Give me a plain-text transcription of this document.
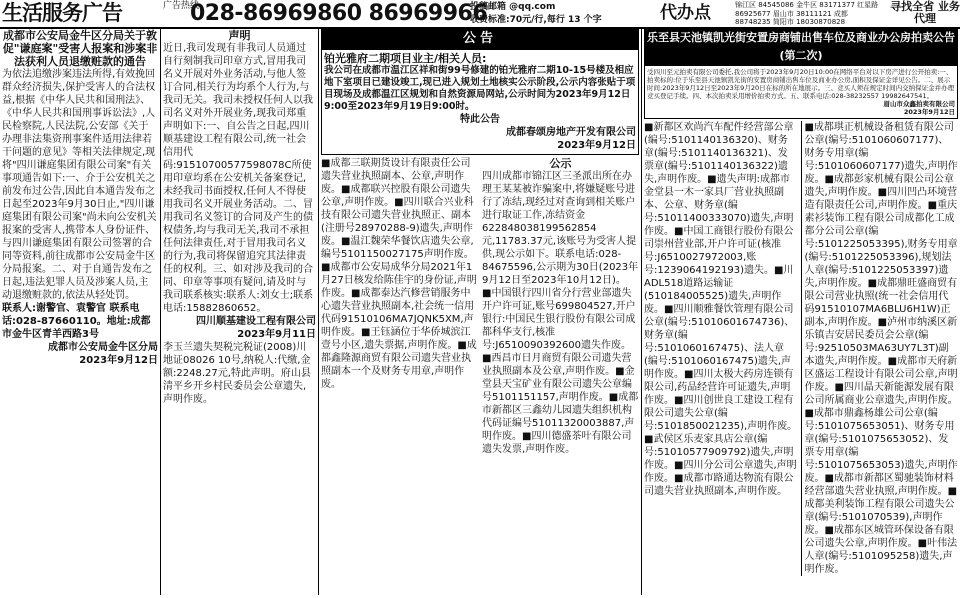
生活服务广告	广告热线
028-86969860 86969966
投稿邮箱 @qq.com
收费标准:70元/行,每行 13 个字	代办点	锦江区 84545086 金牛区 83171377 红星路 86925677 眉山市 38111121 成都 88748235 简阳市 18030870828
寻找全省 业务代理

成都市公安局金牛区分局关于敦促"谦庭案"受害人报案和涉案非法获利人员退缴赃款的通告

为依法追缴涉案违法所得,有效挽回群众经济损失,保护受害人的合法权益,根据《中华人民共和国刑法》、《中华人民共和国刑事诉讼法》,人民检察院,人民法院,公安部《关于办理非法集资刑事案件适用法律若干问题的意见》等相关法律规定,现将"四川谦庭集团有限公司案"有关事项通告如下:一、介于公安机关之前发布过公告,因此自本通告发布之日起至2023年9月30日止,"四川谦庭集团有限公司案"尚未向公安机关报案的受害人,携带本人身份证件、与四川谦庭集团有限公司签署的合同等资料,前往成都市公安局金牛区分局报案。二、对于自通告发布之日起,违法犯罪人员及涉案人员,主动退缴赃款的,依法从轻处罚。

联系人:谢警官、袁警官 联系电话:028-87660110。地址:成都市金牛区青羊西路3号

成都市公安局金牛区分局

2023年9月12日

声明

近日,我司发现有非我司人员通过自行刻制我司印章方式,冒用我司名义开展对外业务活动,与他人签订合同,相关行为均系个人行为,与我司无关。我司未授权任何人以我司名义对外开展业务,现我司郑重声明如下:一、自公告之日起,四川顺基建设工程有限公司,统一社会信用代码:91510700577598078C所使用印章均系在公安机关备案登记,未经我司书面授权,任何人不得使用我司名义开展业务活动。二、冒用我司名义签订的合同及产生的债权债务,均与我司无关,我司不承担任何法律责任,对于冒用我司名义的行为,我司将保留追究其法律责任的权利。三、如对涉及我司的合同、印章等事项有疑问,请及时与我司联系核实:联系人:刘女士;联系电话:15882860652。

四川顺基建设工程有限公司

2023年9月11日

李玉兰遗失契税完税证(2008)川地证08026 10号,纳税人:代缴,金额:2248.27元,特此声明。府山县清平乡开乡村民委员会公章遗失,声明作废。

公告

铂光雅府二期项目业主/相关人员:

我公司在成都市温江区祥和街99号修建的铂光雅府二期10-15号楼及相应地下室项目已建设竣工,现已进入规划土地核实公示阶段,公示内容张贴于项目现场及成都温江区规划和自然资源局网站,公示时间为2023年9月12日9:00至2023年9月19日9:00时。

特此公告

成都春颂房地产开发有限公司

2023年9月12日

■成都三联期货设计有限责任公司遗失营业执照副本、公章,声明作废。■成都联兴控股有限公司遗失公章,声明作废。■四川联合兴业科技有限公司遗失营业执照正、副本(注册号28970288-9)遗失,声明作废。■温江魏荣华餐饮店遗失公章,编号5101150027175声明作废。■成都市公安局成华分局2021年1月27日核发给陈佳宇的身份证,声明作废。■成都泰达汽修营销服务中心遗失营业执照副本,社会统一信用代码91510106MA7JQNK5XM,声明作废。■王钰涵位于华侨城滨江壹号小区,遗失票据,声明作废。■成都鑫隆源商贸有限公司遗失营业执照副本一个及财务专用章,声明作废。

公示

四川成都市锦江区三圣派出所在办理王某某被诈骗案中,将嫌疑账号进行了冻结,现经过对查询到相关账户进行取证工作,冻结资金622848038199562854元,11783.37元,该账号为受害人提供,现公示如下。联系电话:028-84675596,公示期为30日(2023年9月12日至2023年10月12日)。

■中国银行四川省分行营业部遗失开户许可证,账号699804527,开户银行:中国民生银行股份有限公司成都科华支行,核准号:J6510090392600遗失作废。■西昌市日月商贸有限公司遗失营业执照副本及公章,声明作废。■金堂县天宝矿业有限公司遗失公章编号5101151157,声明作废。■成都市新都区三鑫幼儿园遗失组织机构代码证编号51011320003887,声明作废。■四川德盛茶叶有限公司遗失发票,声明作废。

乐至县天池镇凯光街安置房商铺出售车位及商业办公房拍卖公告(第二次)

受四川至元拍卖有限公司委托,我公司将于2023年9月20日10:00在网络平台对以下房产进行公开拍卖:一、拍卖标的:位于乐至县天池镇凯光街的安置房商铺出售车位及商业办公房,面积及保证金详见公告。二、展示时间:2023年9月12日至2023年9月20日在标的所在地展示。三、竞买人须在规定时间内交纳保证金并办理竞买登记手续。四、本次拍卖采用增价拍卖方式。五、联系电话:028-38232557 19982647541。

眉山市众鑫拍卖有限公司

2023年9月12日

■新都区欢尚汽车配件经营部公章(编号:5101140136320)、财务章(编号:5101140136321)、发票章(编号:5101140136322)遗失,声明作废。■遗失声明:成都市金堂县一木一家具厂营业执照副本、公章、财务章(编号:51011400333070)遗失,声明作废。■中国工商银行股份有限公司崇州营业部,开户许可证(核准号:J6510027972003,账号:1239064192193)遗失。■川ADL518道路运输证(510184005525)遗失,声明作废。■四川顺雅餐饮管理有限公司公章(编号:51010601674736)、财务章(编号:5101060167475)、法人章(编号:5101060167475)遗失,声明作废。■四川太极大药房连锁有限公司,药品经营许可证遗失,声明作废。■四川创世良工建设工程有限公司遗失公章(编号:5101850021235),声明作废。■武侯区乐麦家具店公章(编号:51010577909792)遗失,声明作废。■四川分公司公章遗失,声明作废。■成都市路通达物流有限公司遗失营业执照副本,声明作废。

■成都琪正机械设备租赁有限公司公章(编号:5101060607177)、财务专用章(编号:5101060607177)遗失,声明作废。■成都彭家机械有限公司公章遗失,声明作废。■四川凹凸环境营造有限责任公司,声明作废。■重庆素衫装饰工程有限公司成都化工成都分公司公章(编号:5101225053395),财务专用章(编号:5101225053396),规划法人章(编号:5101225053397)遗失,声明作废。■成都鼎旺盛商贸有限公司营业执照(统一社会信用代码91510107MA6BLU6H1W)正副本,声明作废。■泸州市纳溪区新乐镇吉安居民委员会公章(编号:92510503MA63UY7L3T)副本遗失,声明作废。■成都市天府新区盛运工程设计有限公司公章,声明作废。■四川晶天新能源发展有限公司所属商业公章遗失,声明作废。

■成都市鼎鑫杨雄公司公章(编号:5101075653051)、财务专用章(编号:5101075653052)、发票专用章(编号:5101075653053)遗失,声明作废。■成都市新都区蜀驰装饰材料经营部遗失营业执照,声明作废。■成都美利装饰工程有限公司遗失公章(编号:5101070539),声明作废。■成都东区城管环保设备有限公司遗失公章,声明作废。■叶伟法人章(编号:5101095258)遗失,声明作废。
